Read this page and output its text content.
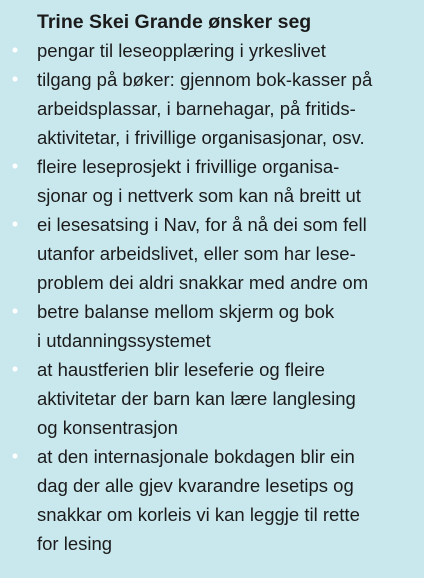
Trine Skei Grande ønsker seg
• pengar til leseopplæring i yrkeslivet
• tilgang på bøker: gjennom bok-kasser på
arbeidsplassar, i barnehagar, på fritids-
aktivitetar, i frivillige organisasjonar, osv.
• fleire leseprosjekt i frivillige organisa-
sjonar og i nettverk som kan nå breitt ut
• ei lesesatsing i Nav, for å nå dei som fell
utanfor arbeidslivet, eller som har lese-
problem dei aldri snakkar med andre om
• betre balanse mellom skjerm og bok
i utdanningssystemet
• at haustferien blir leseferie og fleire
aktivitetar der barn kan lære langlesing
og konsentrasjon
• at den internasjonale bokdagen blir ein
dag der alle gjev kvarandre lesetips og
snakkar om korleis vi kan leggje til rette
for lesing
